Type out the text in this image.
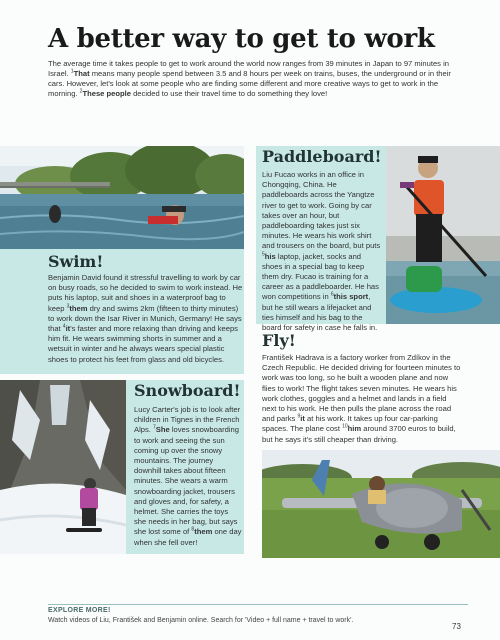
A better way to get to work

The average time it takes people to get to work around the world now ranges from 39 minutes in Japan to 97 minutes in Israel. $^1$That means many people spend between 3.5 and 8 hours per week on trains, buses, the underground or in their cars. However, let's look at some people who are finding some different and more creative ways to get to work in the morning. $^2$These people decided to use their travel time to do something they love!

Swim!

Benjamin David found it stressful travelling to work by car on busy roads, so he decided to swim to work instead. He puts his laptop, suit and shoes in a waterproof bag to keep $^3$them dry and swims 2km (fifteen to thirty minutes) to work down the Isar River in Munich, Germany! He says that $^4$it's faster and more relaxing than driving and keeps him fit. He wears swimming shorts in summer and a wetsuit in winter and he always wears special plastic shoes to protect his feet from glass and old bicycles.

Paddleboard!

Liu Fucao works in an office in Chongqing, China. He paddleboards across the Yangtze river to get to work. Going by car takes over an hour, but paddleboarding takes just six minutes. He wears his work shirt and trousers on the board, but puts $^5$his laptop, jacket, socks and shoes in a special bag to keep them dry. Fucao is training for a career as a paddleboarder. He has won competitions in $^6$this sport, but he still wears a lifejacket and ties himself and his bag to the board for safety in case he falls in.

Snowboard!

Lucy Carter's job is to look after children in Tignes in the French Alps. $^7$She loves snowboarding to work and seeing the sun coming up over the snowy mountains. The journey downhill takes about fifteen minutes. She wears a warm snowboarding jacket, trousers and gloves and, for safety, a helmet. She carries the toys she needs in her bag, but says she lost some of $^8$them one day when she fell over!

Fly!

František Hadrava is a factory worker from Zdíkov in the Czech Republic. He decided driving for fourteen minutes to work was too long, so he built a wooden plane and now flies to work! The flight takes seven minutes. He wears his work clothes, goggles and a helmet and lands in a field next to his work. He then pulls the plane across the road and parks $^9$it at his work. It takes up four car-parking spaces. The plane cost $^{10}$him around 3700 euros to build, but he says it's still cheaper than driving.

EXPLORE MORE!
Watch videos of Liu, František and Benjamin online. Search for 'Video + full name + travel to work'.
73
